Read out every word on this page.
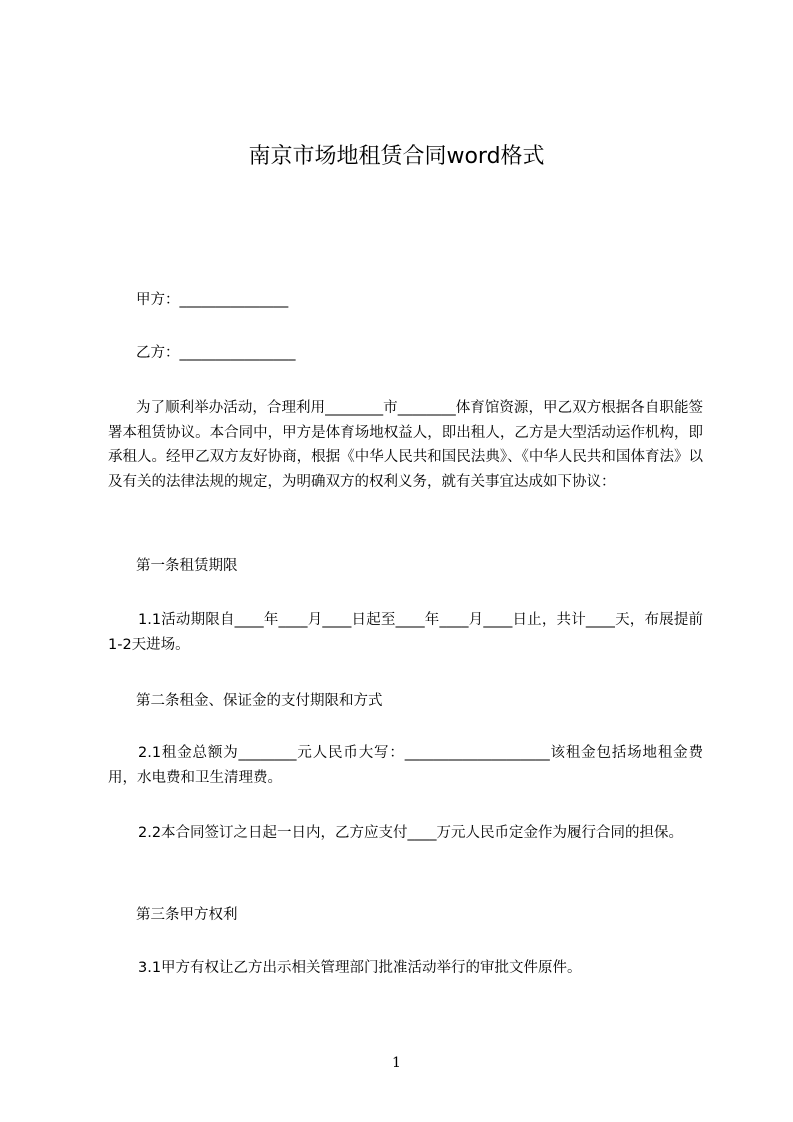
南京市场地租赁合同word格式
甲方：_______________
乙方：________________
为了顺利举办活动，合理利用________市________体育馆资源，甲乙双方根据各自职能签署本租赁协议。本合同中，甲方是体育场地权益人，即出租人，乙方是大型活动运作机构，即承租人。经甲乙双方友好协商，根据《中华人民共和国民法典》、《中华人民共和国体育法》以及有关的法律法规的规定，为明确双方的权利义务，就有关事宜达成如下协议：
第一条租赁期限
1.1活动期限自____年____月____日起至____年____月____日止，共计____天，布展提前1-2天进场。
第二条租金、保证金的支付期限和方式
2.1租金总额为________元人民币大写：____________________该租金包括场地租金费用，水电费和卫生清理费。
2.2本合同签订之日起一日内，乙方应支付____万元人民币定金作为履行合同的担保。
第三条甲方权利
3.1甲方有权让乙方出示相关管理部门批准活动举行的审批文件原件。
1
